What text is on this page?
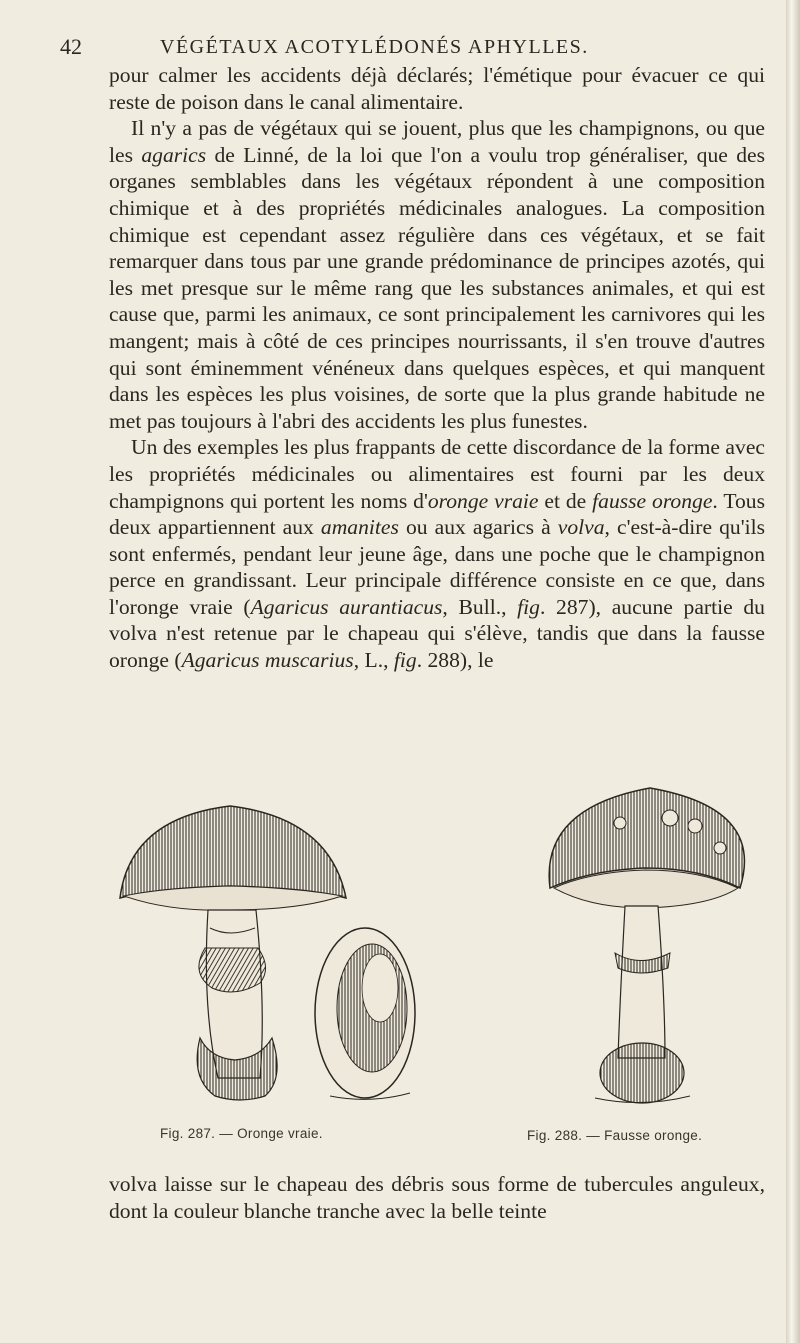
42	VÉGÉTAUX ACOTYLÉDONÉS APHYLLES.

pour calmer les accidents déjà déclarés; l'émétique pour évacuer ce qui reste de poison dans le canal alimentaire.

Il n'y a pas de végétaux qui se jouent, plus que les champignons, ou que les agarics de Linné, de la loi que l'on a voulu trop généraliser, que des organes semblables dans les végétaux répondent à une composition chimique et à des propriétés médicinales analogues. La composition chimique est cependant assez régulière dans ces végétaux, et se fait remarquer dans tous par une grande prédominance de principes azotés, qui les met presque sur le même rang que les substances animales, et qui est cause que, parmi les animaux, ce sont principalement les carnivores qui les mangent; mais à côté de ces principes nourrissants, il s'en trouve d'autres qui sont éminemment vénéneux dans quelques espèces, et qui manquent dans les espèces les plus voisines, de sorte que la plus grande habitude ne met pas toujours à l'abri des accidents les plus funestes.

Un des exemples les plus frappants de cette discordance de la forme avec les propriétés médicinales ou alimentaires est fourni par les deux champignons qui portent les noms d'oronge vraie et de fausse oronge. Tous deux appartiennent aux amanites ou aux agarics à volva, c'est-à-dire qu'ils sont enfermés, pendant leur jeune âge, dans une poche que le champignon perce en grandissant. Leur principale différence consiste en ce que, dans l'oronge vraie (Agaricus aurantiacus, Bull., fig. 287), aucune partie du volva n'est retenue par le chapeau qui s'élève, tandis que dans la fausse oronge (Agaricus muscarius, L., fig. 288), le

Fig. 287. — Oronge vraie.	Fig. 288. — Fausse oronge.

volva laisse sur le chapeau des débris sous forme de tubercules anguleux, dont la couleur blanche tranche avec la belle teinte
